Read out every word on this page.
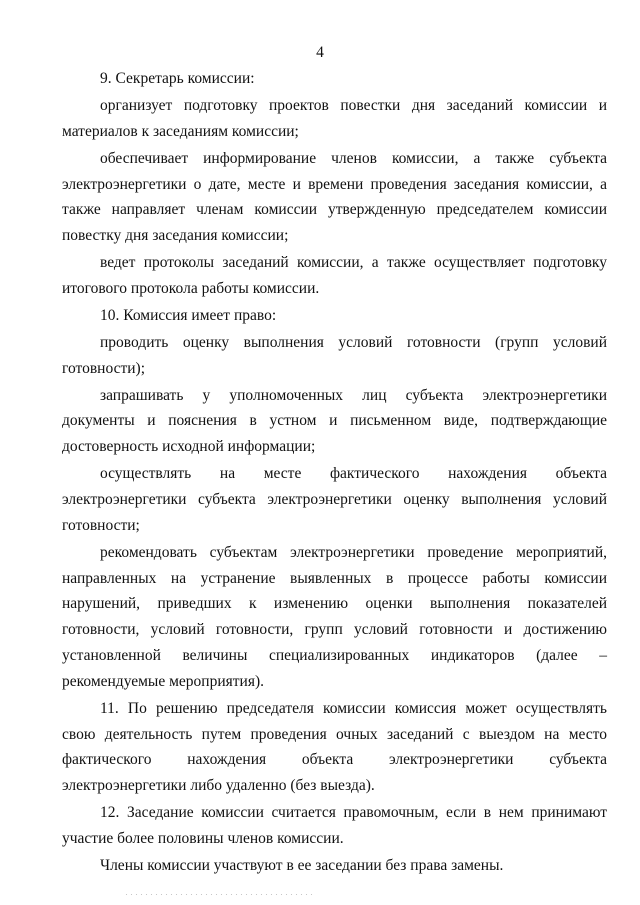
4

9. Секретарь комиссии:

организует подготовку проектов повестки дня заседаний комиссии и материалов к заседаниям комиссии;

обеспечивает информирование членов комиссии, а также субъекта электроэнергетики о дате, месте и времени проведения заседания комиссии, а также направляет членам комиссии утвержденную председателем комиссии повестку дня заседания комиссии;

ведет протоколы заседаний комиссии, а также осуществляет подготовку итогового протокола работы комиссии.

10. Комиссия имеет право:

проводить оценку выполнения условий готовности (групп условий готовности);

запрашивать у уполномоченных лиц субъекта электроэнергетики документы и пояснения в устном и письменном виде, подтверждающие достоверность исходной информации;

осуществлять на месте фактического нахождения объекта электроэнергетики субъекта электроэнергетики оценку выполнения условий готовности;

рекомендовать субъектам электроэнергетики проведение мероприятий, направленных на устранение выявленных в процессе работы комиссии нарушений, приведших к изменению оценки выполнения показателей готовности, условий готовности, групп условий готовности и достижению установленной величины специализированных индикаторов (далее – рекомендуемые мероприятия).

11. По решению председателя комиссии комиссия может осуществлять свою деятельность путем проведения очных заседаний с выездом на место фактического нахождения объекта электроэнергетики субъекта электроэнергетики либо удаленно (без выезда).

12. Заседание комиссии считается правомочным, если в нем принимают участие более половины членов комиссии.

Члены комиссии участвуют в ее заседании без права замены.
